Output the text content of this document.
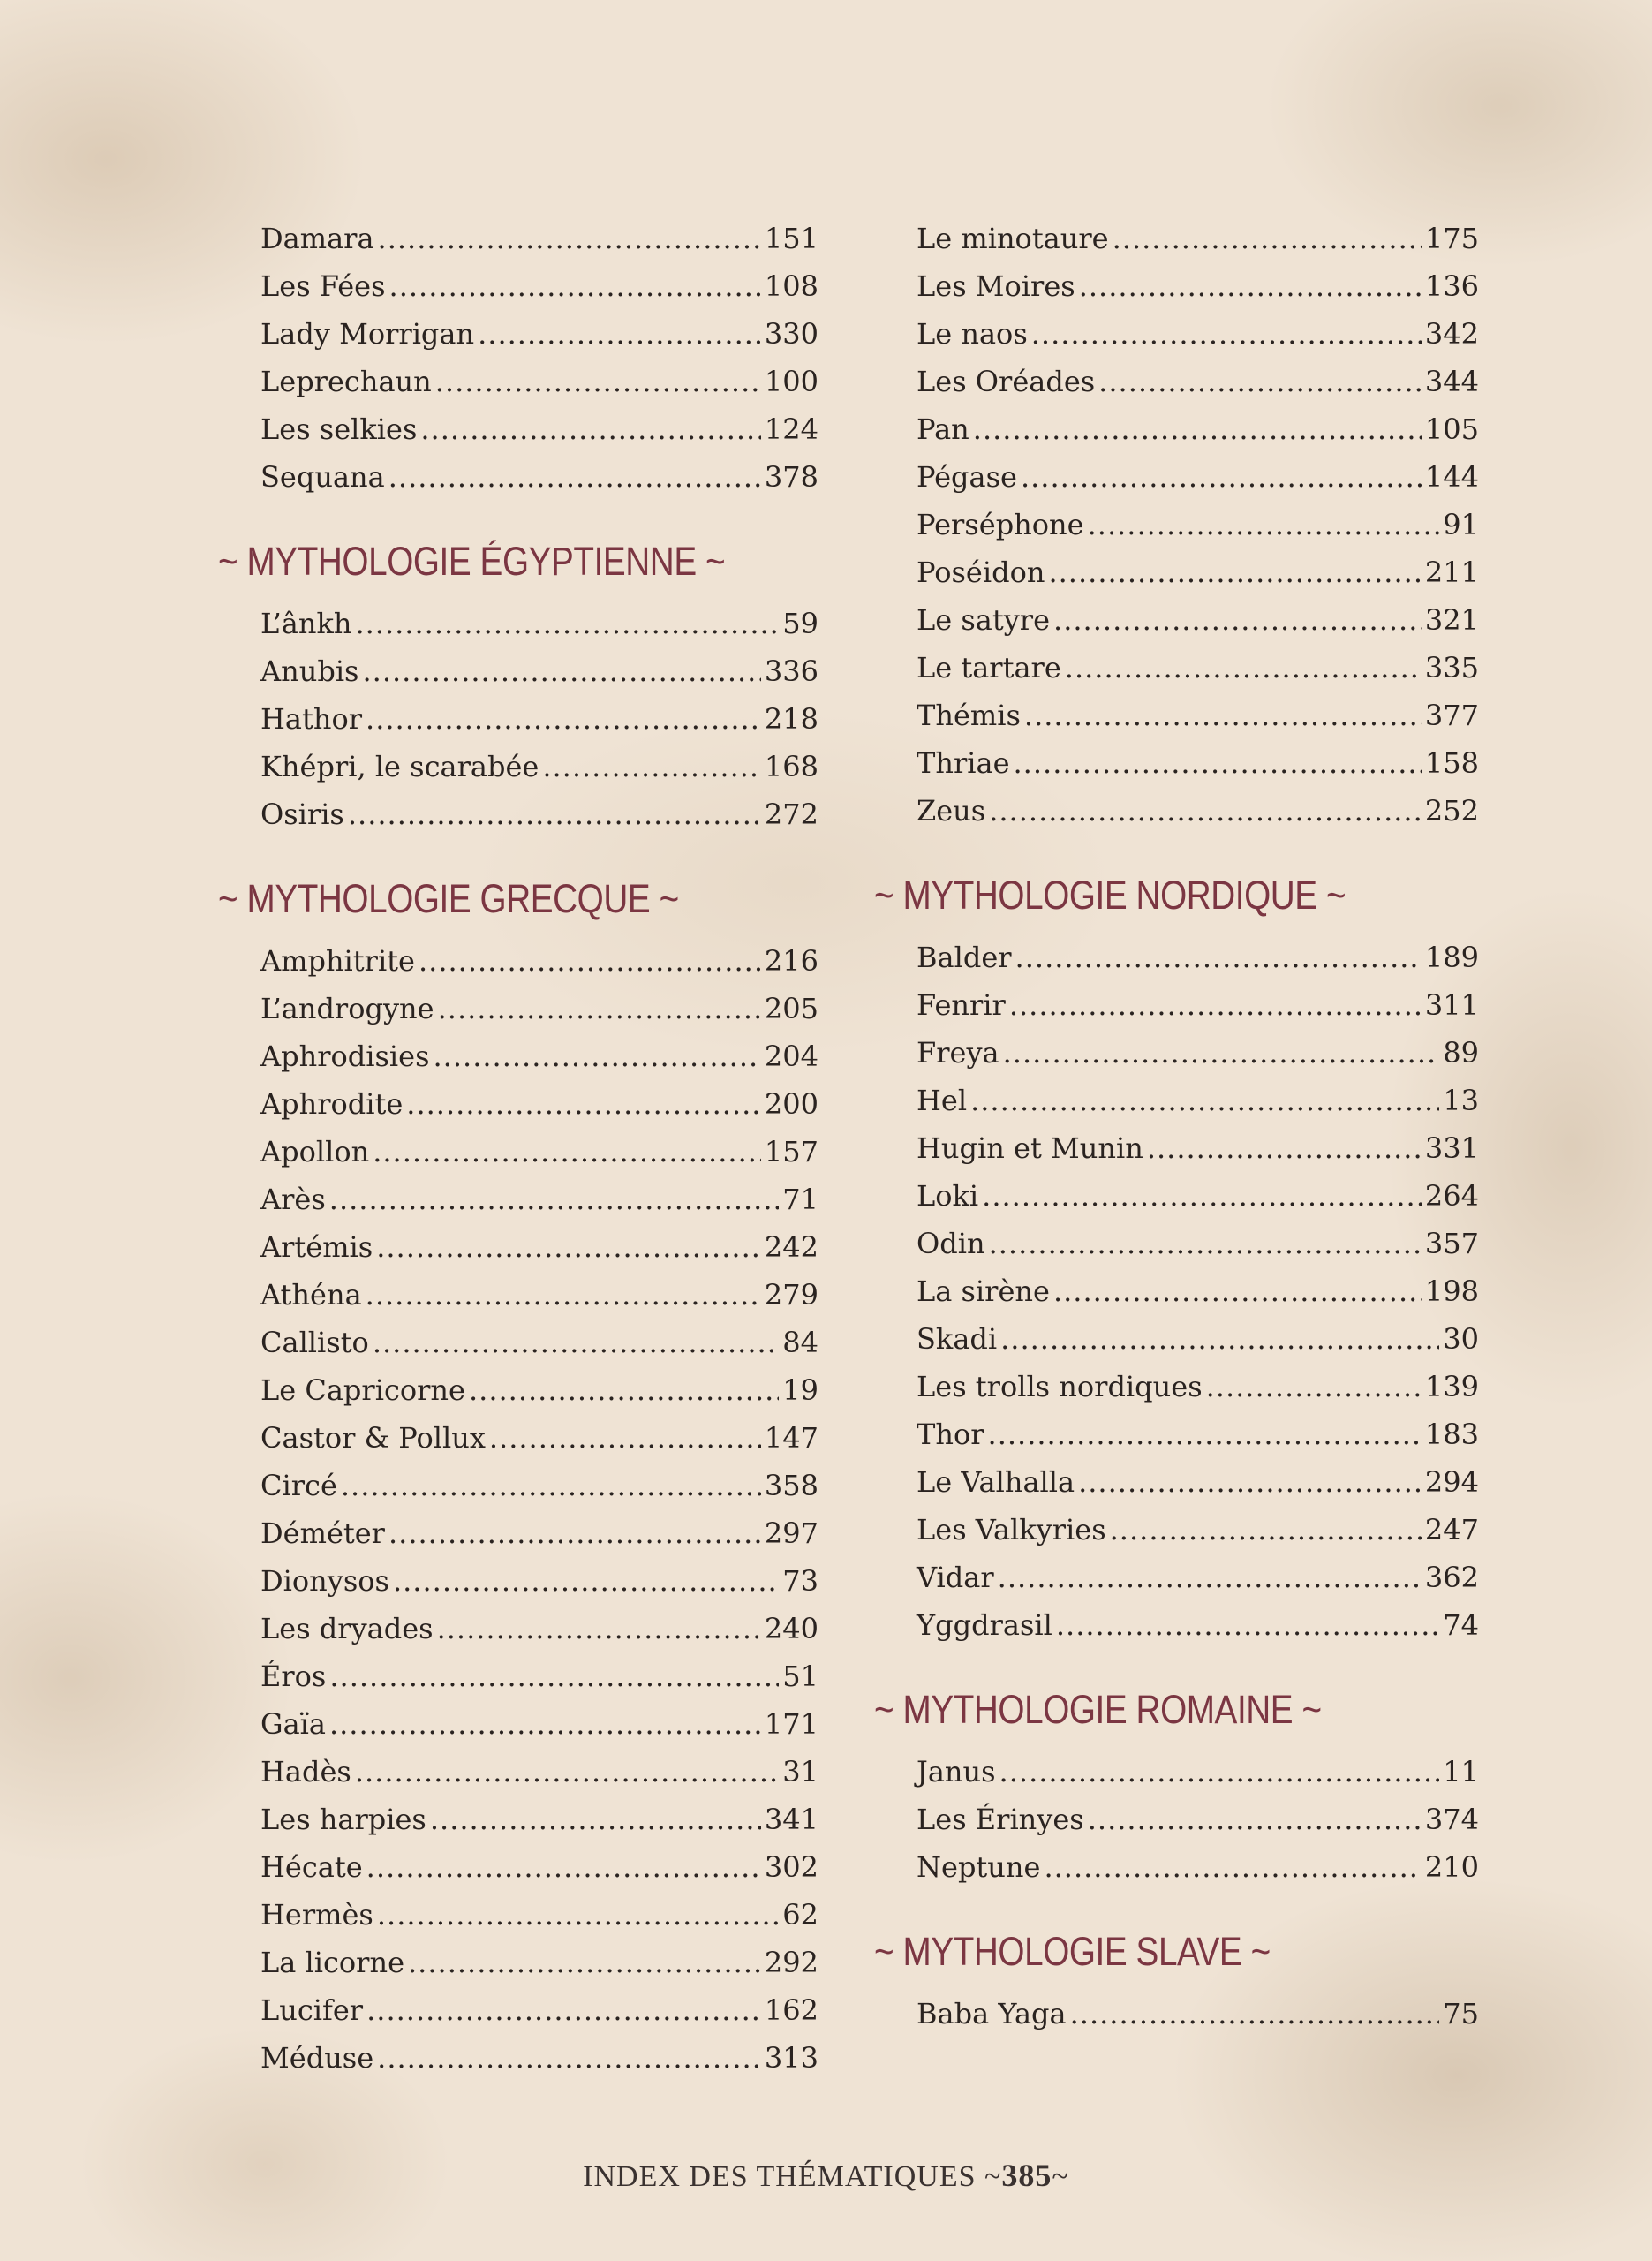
Damara .....	151
Les Fées .....	108
Lady Morrigan .....	330
Leprechaun .....	100
Les selkies .....	124
Sequana .....	378
~ MYTHOLOGIE ÉGYPTIENNE ~
L’ânkh .....	59
Anubis .....	336
Hathor .....	218
Khépri, le scarabée .....	168
Osiris .....	272
~ MYTHOLOGIE GRECQUE ~
Amphitrite .....	216
L’androgyne .....	205
Aphrodisies .....	204
Aphrodite .....	200
Apollon .....	157
Arès .....	71
Artémis .....	242
Athéna .....	279
Callisto .....	84
Le Capricorne .....	19
Castor & Pollux .....	147
Circé .....	358
Déméter .....	297
Dionysos .....	73
Les dryades .....	240
Éros .....	51
Gaïa .....	171
Hadès .....	31
Les harpies .....	341
Hécate .....	302
Hermès .....	62
La licorne .....	292
Lucifer .....	162
Méduse .....	313
Le minotaure .....	175
Les Moires .....	136
Le naos .....	342
Les Oréades .....	344
Pan .....	105
Pégase .....	144
Perséphone .....	91
Poséidon .....	211
Le satyre .....	321
Le tartare .....	335
Thémis .....	377
Thriae .....	158
Zeus .....	252
~ MYTHOLOGIE NORDIQUE ~
Balder .....	189
Fenrir .....	311
Freya .....	89
Hel .....	13
Hugin et Munin .....	331
Loki .....	264
Odin .....	357
La sirène .....	198
Skadi .....	30
Les trolls nordiques .....	139
Thor .....	183
Le Valhalla .....	294
Les Valkyries .....	247
Vidar .....	362
Yggdrasil .....	74
~ MYTHOLOGIE ROMAINE ~
Janus .....	11
Les Érinyes .....	374
Neptune .....	210
~ MYTHOLOGIE SLAVE ~
Baba Yaga .....	75
INDEX DES THÉMATIQUES ~385~
